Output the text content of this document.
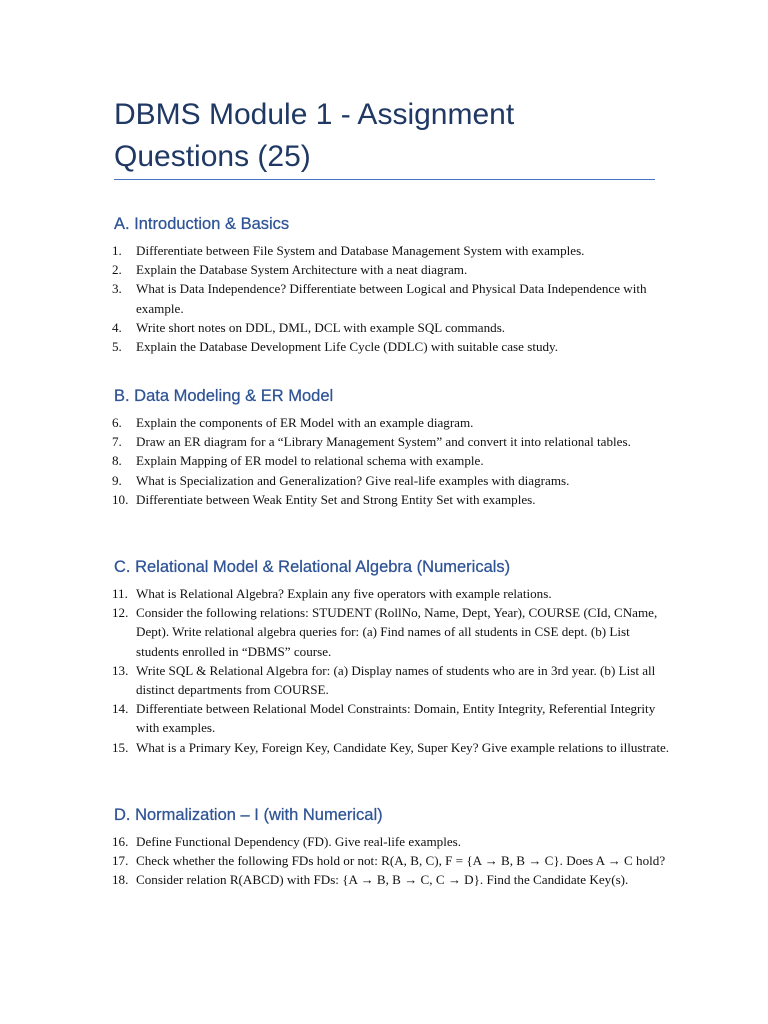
DBMS Module 1 - Assignment Questions (25)
A. Introduction & Basics
1.	Differentiate between File System and Database Management System with examples.
2.	Explain the Database System Architecture with a neat diagram.
3.	What is Data Independence? Differentiate between Logical and Physical Data Independence with example.
4.	Write short notes on DDL, DML, DCL with example SQL commands.
5.	Explain the Database Development Life Cycle (DDLC) with suitable case study.
B. Data Modeling & ER Model
6.	Explain the components of ER Model with an example diagram.
7.	Draw an ER diagram for a “Library Management System” and convert it into relational tables.
8.	Explain Mapping of ER model to relational schema with example.
9.	What is Specialization and Generalization? Give real-life examples with diagrams.
10. Differentiate between Weak Entity Set and Strong Entity Set with examples.
C. Relational Model & Relational Algebra (Numericals)
11. What is Relational Algebra? Explain any five operators with example relations.
12. Consider the following relations: STUDENT (RollNo, Name, Dept, Year), COURSE (CId, CName, Dept). Write relational algebra queries for: (a) Find names of all students in CSE dept. (b) List students enrolled in “DBMS” course.
13. Write SQL & Relational Algebra for: (a) Display names of students who are in 3rd year. (b) List all distinct departments from COURSE.
14. Differentiate between Relational Model Constraints: Domain, Entity Integrity, Referential Integrity with examples.
15. What is a Primary Key, Foreign Key, Candidate Key, Super Key? Give example relations to illustrate.
D. Normalization – I (with Numerical)
16. Define Functional Dependency (FD). Give real-life examples.
17. Check whether the following FDs hold or not: R(A, B, C), F = {A → B, B → C}. Does A → C hold?
18. Consider relation R(ABCD) with FDs: {A → B, B → C, C → D}. Find the Candidate Key(s).
